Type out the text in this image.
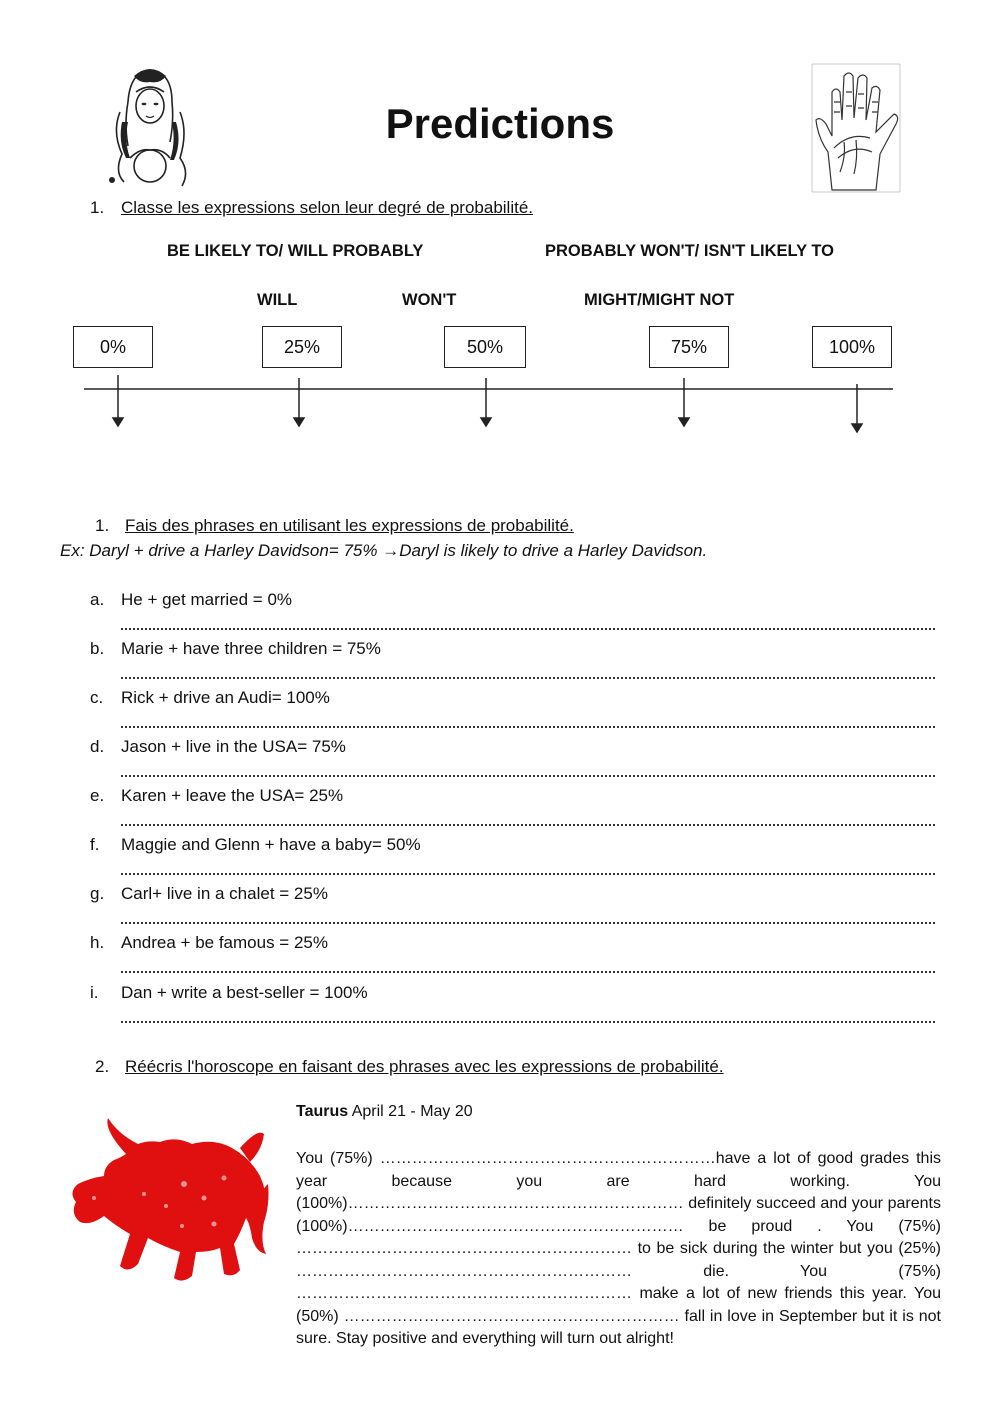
Predictions
1. Classe les expressions selon leur degré de probabilité.
BE LIKELY TO/ WILL PROBABLY	PROBABLY WON'T/ ISN'T LIKELY TO
WILL	WON'T	MIGHT/MIGHT NOT
0%	25%	50%	75%	100%
1. Fais des phrases en utilisant les expressions de probabilité.
Ex: Daryl + drive a Harley Davidson= 75% →Daryl is likely to drive a Harley Davidson.
a. He + get married = 0%
b. Marie + have three children = 75%
c. Rick + drive an Audi= 100%
d. Jason + live in the USA= 75%
e. Karen + leave the USA= 25%
f. Maggie and Glenn + have a baby= 50%
g. Carl+ live in a chalet = 25%
h. Andrea + be famous = 25%
i. Dan + write a best-seller = 100%
2. Réécris l'horoscope en faisant des phrases avec les expressions de probabilité.
Taurus April 21 - May 20

You (75%) ………………………………………………………have a lot of good grades this year because you are hard working. You (100%)……………………………………………………… definitely succeed and your parents (100%)……………………………………………………… be proud . You (75%) ……………………………………………………… to be sick during the winter but you (25%) ……………………………………………………… die. You (75%) ……………………………………………………… make a lot of new friends this year. You (50%) ……………………………………………………… fall in love in September but it is not sure. Stay positive and everything will turn out alright!
